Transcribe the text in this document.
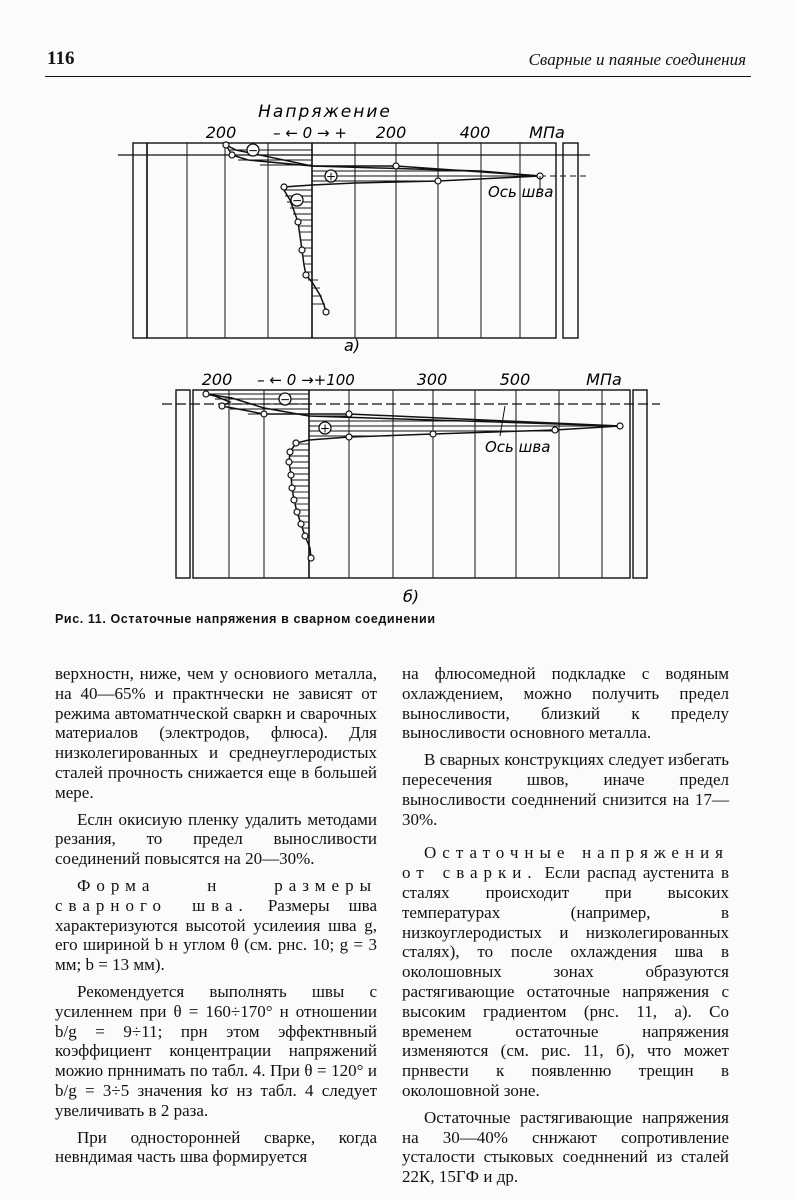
116	Сварные и паяные соединения
Напряжение
200 – ← 0 → + 200	400 МПа
−
+
−	Ось шва
а)
200 – ← 0 →+100	300	500	МПа
−
+
Ось шва
б)
Рис. 11. Остаточные напряжения в сварном соединении

верхностн, ниже, чем у основиого металла, на 40—65% и практнчески не зависят от режима автоматнческой сваркн и сварочных материалов (электродов, флюса). Для низколегированных и среднеуглеродистых сталей прочность снижается еще в большей мере.

Еслн окисиую пленку удалить методами резания, то предел выносливости соединений повысятся на 20—30%.

Форма н размеры сварного шва. Размеры шва характеризуются высотой усилеиия шва g, его шириной b н углом θ (см. рнс. 10; g = 3 мм; b = 13 мм).

Рекомендуется выполнять швы с усиленнем при θ = 160÷170° н отношении b/g = 9÷11; прн этом эффектнвный коэффициент концентрации напряжений можио прннимать по табл. 4. При θ = 120° и b/g = 3÷5 значения kσ нз табл. 4 следует увеличивать в 2 раза.

При односторонней сварке, когда невндимая часть шва формируется

на флюсомедной подкладке с водяным охлаждением, можно получить предел выносливости, близкий к пределу выносливости основного металла.

В сварных конструкциях следует избегать пересечения швов, иначе предел выносливости соедннений снизится на 17—30%.

Остаточные напряжения от сварки. Если распад аустенита в сталях происходит при высоких температурах (например, в низкоуглеродистых и низколегированных сталях), то после охлаждения шва в околошовных зонах образуются растягивающие остаточные напряжения с высоким градиентом (рнс. 11, а). Со временем остаточные напряжения изменяются (см. рис. 11, б), что может прнвести к появленню трещин в околошовной зоне.

Остаточные растягивающие напряжения на 30—40% сннжают сопротивление усталости стыковых соедннений из сталей 22К, 15ГФ и др.
